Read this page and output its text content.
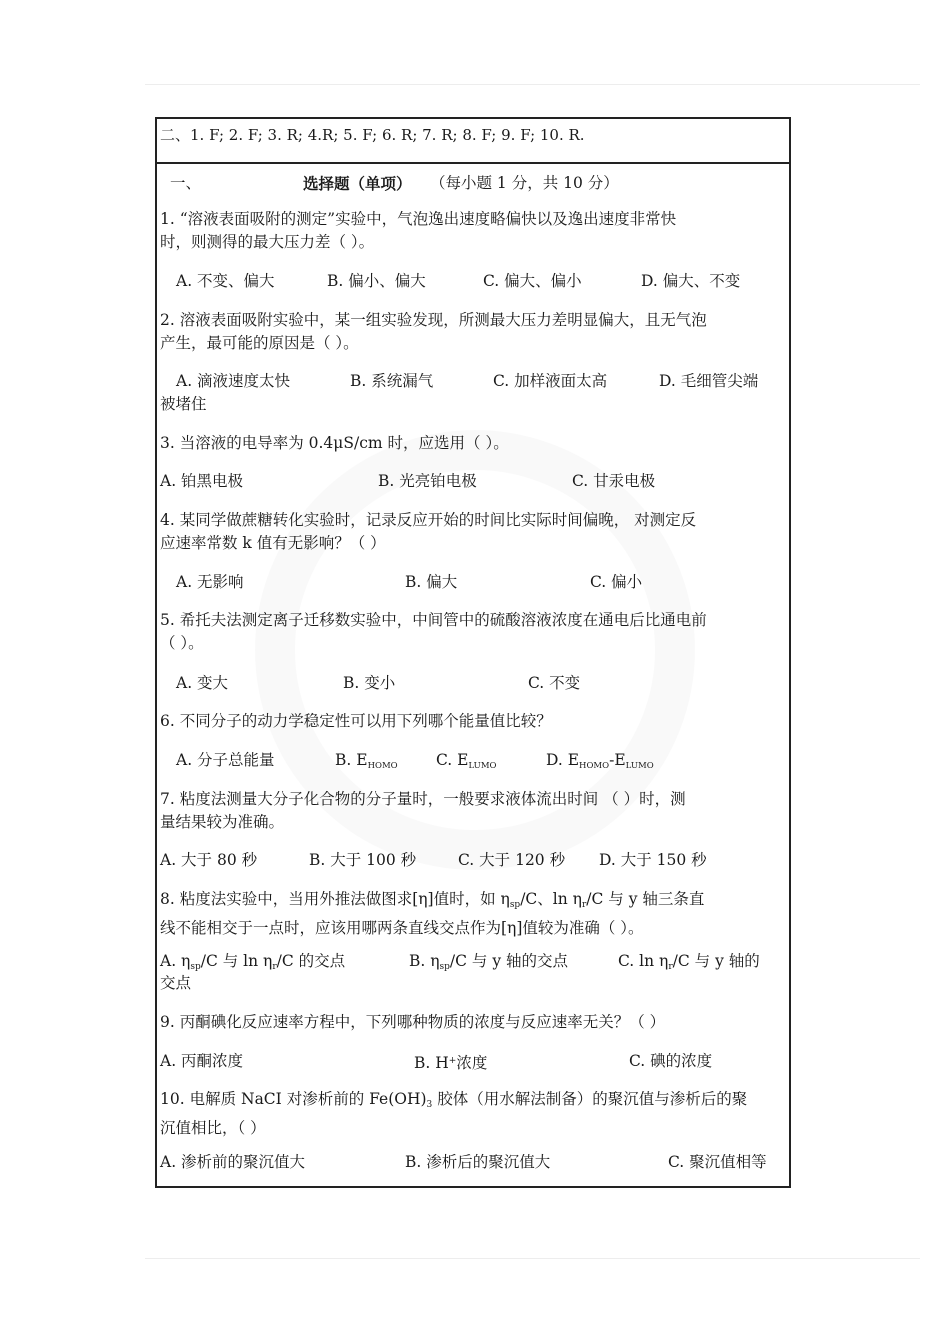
二、1. F; 2. F; 3. R; 4.R; 5. F; 6. R; 7. R; 8. F; 9. F; 10. R.
一、	选择题（单项） （每小题 1 分，共 10 分）
1. “溶液表面吸附的测定”实验中，气泡逸出速度略偏快以及逸出速度非常快
时，则测得的最大压力差（ ）。
A. 不变、偏大	B. 偏小、偏大	C. 偏大、偏小	D. 偏大、不变
2. 溶液表面吸附实验中，某一组实验发现，所测最大压力差明显偏大，且无气泡
产生，最可能的原因是（ ）。
A. 滴液速度太快	B. 系统漏气	C. 加样液面太高	D. 毛细管尖端
被堵住
3. 当溶液的电导率为 0.4μS/cm 时，应选用（ ）。
A. 铂黑电极	B. 光亮铂电极	C. 甘汞电极
4. 某同学做蔗糖转化实验时，记录反应开始的时间比实际时间偏晚， 对测定反
应速率常数 k 值有无影响？（ ）
A. 无影响	B. 偏大	C. 偏小
5. 希托夫法测定离子迁移数实验中，中间管中的硫酸溶液浓度在通电后比通电前
（ ）。
A. 变大	B. 变小	C. 不变
6. 不同分子的动力学稳定性可以用下列哪个能量值比较？
A. 分子总能量	B. EHOMO C. ELUMO	D. EHOMO-ELUMO
7. 粘度法测量大分子化合物的分子量时，一般要求液体流出时间 （ ）时，测
量结果较为准确。
A. 大于 80 秒	B. 大于 100 秒	C. 大于 120 秒 D. 大于 150 秒
8. 粘度法实验中，当用外推法做图求[η]值时，如 $\eta_{sp}/C$、$\ln \eta_r/C$ 与 y 轴三条直
线不能相交于一点时，应该用哪两条直线交点作为[η]值较为准确（ ）。
A. $\eta_{sp}/C$ 与 $\ln \eta_r/C$ 的交点	B. $\eta_{sp}/C$ 与 y 轴的交点	C. $\ln \eta_r/C$ 与 y 轴的
交点
9. 丙酮碘化反应速率方程中，下列哪种物质的浓度与反应速率无关？（ ）
A. 丙酮浓度	B. H+浓度	C. 碘的浓度
10. 电解质 NaCI 对渗析前的 $Fe(OH)_3$ 胶体（用水解法制备）的聚沉值与渗析后的聚
沉值相比，（ ）
A. 渗析前的聚沉值大	B. 渗析后的聚沉值大	C. 聚沉值相等
